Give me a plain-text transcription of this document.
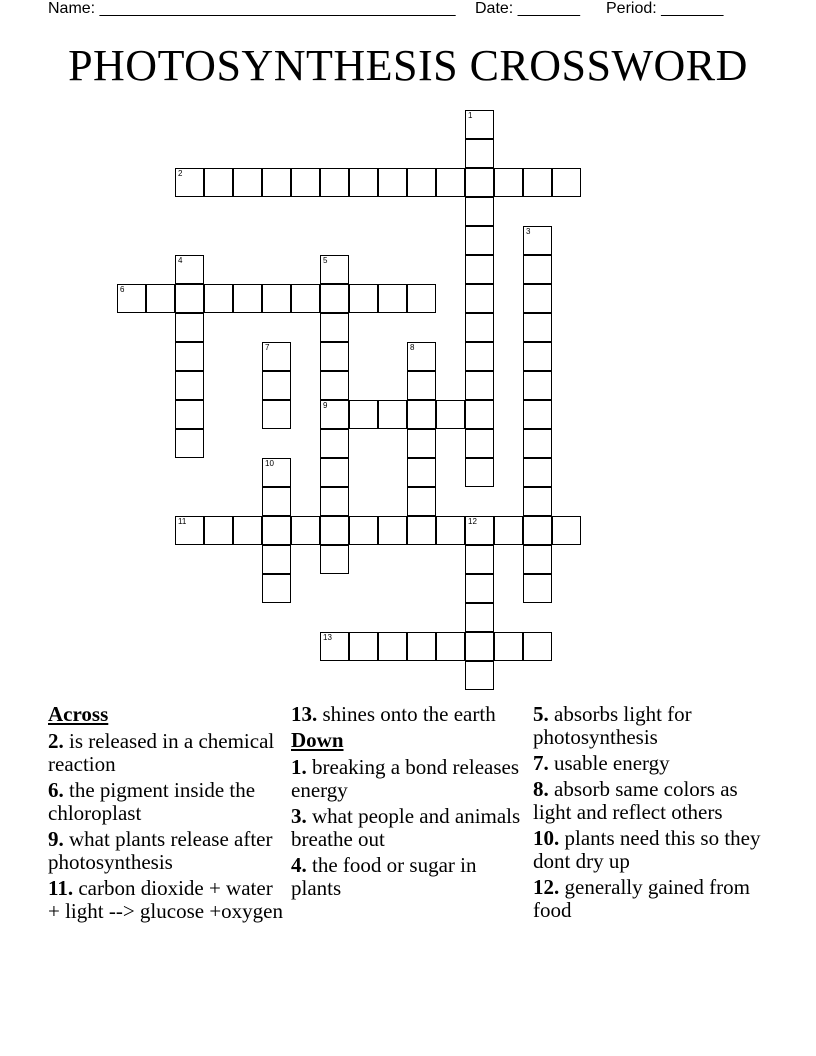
Name: ________________________________________ Date: _______ Period: _______
PHOTOSYNTHESIS CROSSWORD
1
2
3
4	5
9
6
7	8
10
11	12
13
Across
2. is released in a chemical reaction
6. the pigment inside the chloroplast
9. what plants release after photosynthesis
11. carbon dioxide + water + light --> glucose +oxygen
13. shines onto the earth
Down
1. breaking a bond releases energy
3. what people and animals breathe out
4. the food or sugar in plants
5. absorbs light for photosynthesis
7. usable energy
8. absorb same colors as light and reflect others
10. plants need this so they dont dry up
12. generally gained from food
